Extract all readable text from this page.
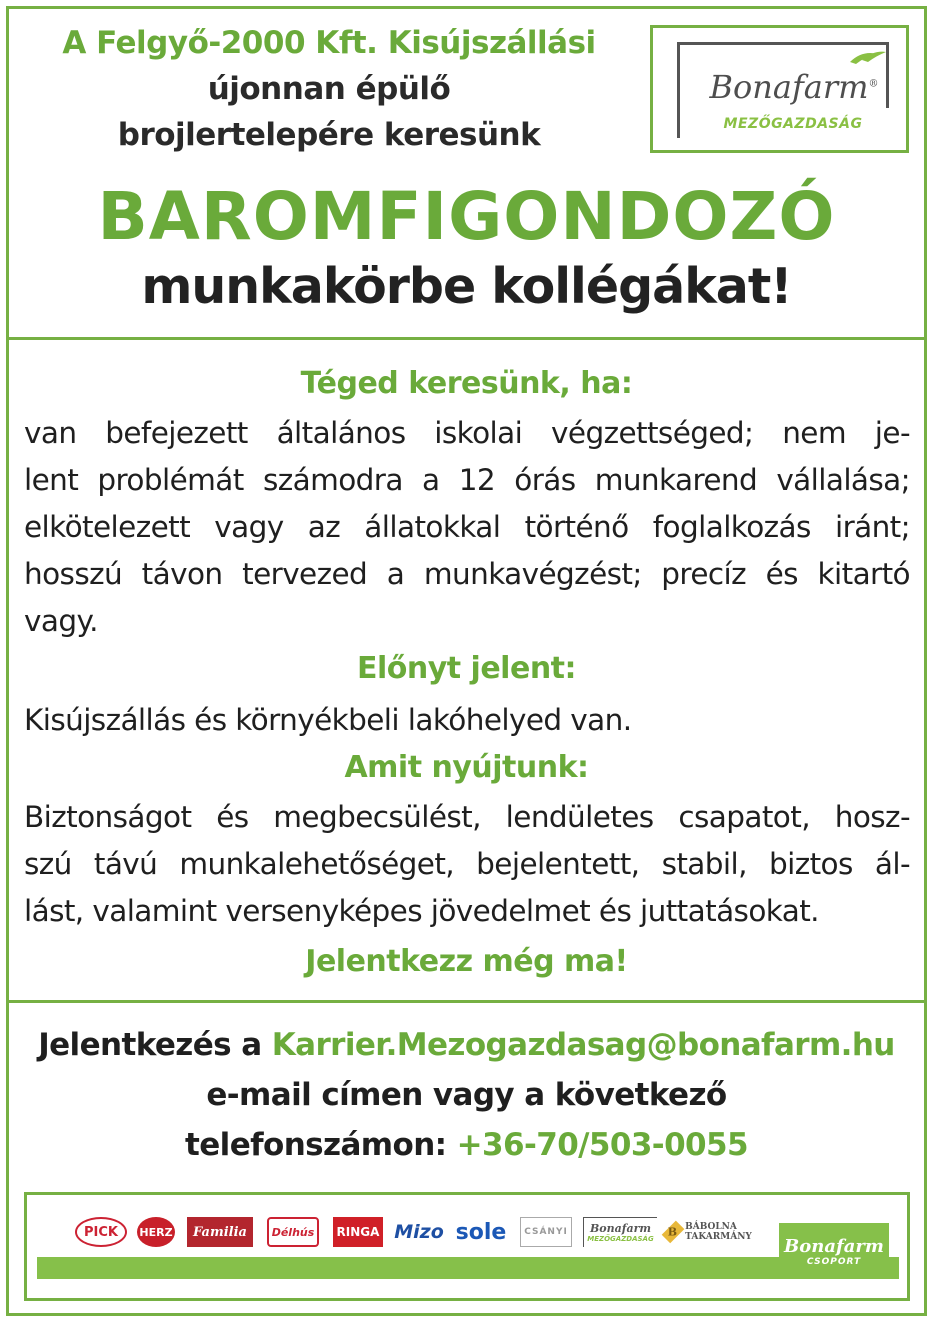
A Felgyő-2000 Kft. Kisújszállási
újonnan épülő
brojlertelepére keresünk
Bonafarm®
MEZŐGAZDASÁG
BAROMFIGONDOZÓ
munkakörbe kollégákat!
Téged keresünk, ha:
van befejezett általános iskolai végzettséged; nem je-
lent problémát számodra a 12 órás munkarend vállalása;
elkötelezett vagy az állatokkal történő foglalkozás iránt;
hosszú távon tervezed a munkavégzést; precíz és kitartó
vagy.
Előnyt jelent:
Kisújszállás és környékbeli lakóhelyed van.
Amit nyújtunk:
Biztonságot és megbecsülést, lendületes csapatot, hosz-
szú távú munkalehetőséget, bejelentett, stabil, biztos ál-
lást, valamint versenyképes jövedelmet és juttatásokat.
Jelentkezz még ma!
Jelentkezés a Karrier.Mezogazdasag@bonafarm.hu
e-mail címen vagy a következő
telefonszámon: +36-70/503-0055
PICK	HERZ	Familia	Délhús	RINGA Mizo sole	CSÁNYI	Bonafarm
MEZŐGAZDASÁG
B BÁBOLNA TAKARMÁNY	Bonafarm
CSOPORT
